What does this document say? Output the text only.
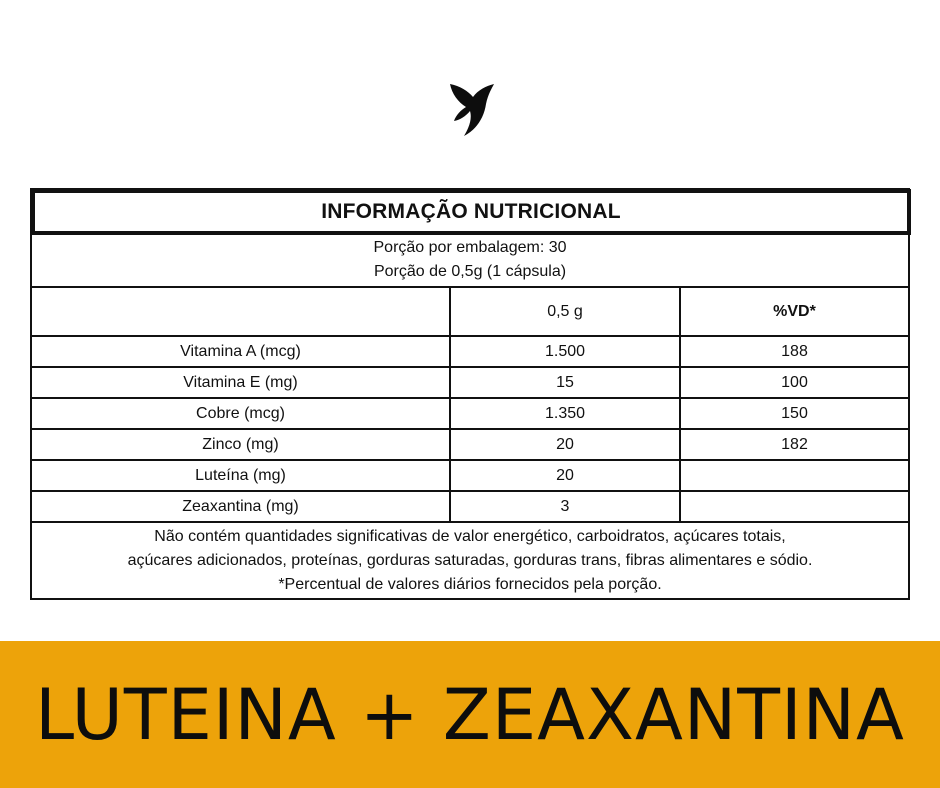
INFORMAÇÃO NUTRICIONAL
Porção por embalagem: 30
Porção de 0,5g (1 cápsula)
	0,5 g	%VD*
Vitamina A (mcg)	1.500	188
Vitamina E (mg)	15	100
Cobre (mcg)	1.350	150
Zinco (mg)	20	182
Luteína (mg)	20	
Zeaxantina (mg)	3	
Não contém quantidades significativas de valor energético, carboidratos, açúcares totais,
açúcares adicionados, proteínas, gorduras saturadas, gorduras trans, fibras alimentares e sódio.
*Percentual de valores diários fornecidos pela porção.
LUTEINA + ZEAXANTINA
